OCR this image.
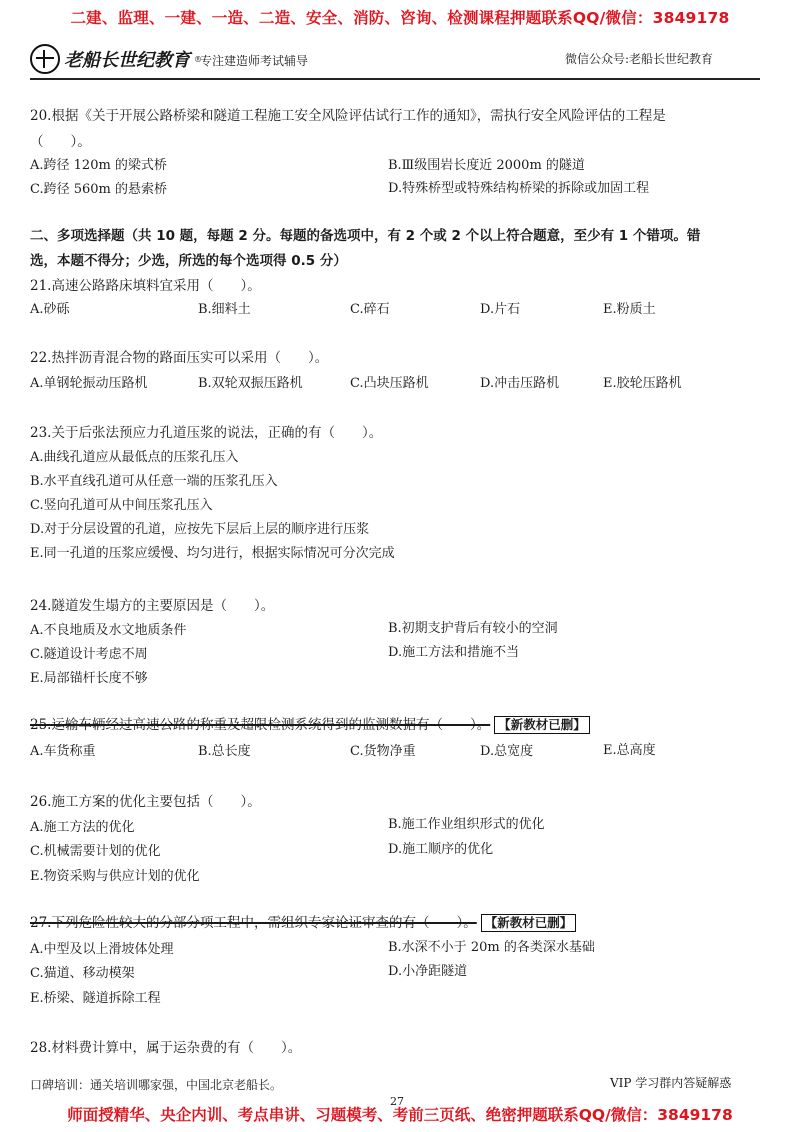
二建、监理、一建、一造、二造、安全、消防、咨询、检测课程押题联系QQ/微信：3849178
老船长世纪教育 ®
专注建造师考试辅导	微信公众号:老船长世纪教育
20.根据《关于开展公路桥梁和隧道工程施工安全风险评估试行工作的通知》，需执行安全风险评估的工程是
（　　）。
A.跨径 120m 的梁式桥	B.Ⅲ级围岩长度近 2000m 的隧道
C.跨径 560m 的悬索桥	D.特殊桥型或特殊结构桥梁的拆除或加固工程
二、多项选择题（共 10 题，每题 2 分。每题的备选项中，有 2 个或 2 个以上符合题意，至少有 1 个错项。错
选，本题不得分；少选，所选的每个选项得 0.5 分）
21.高速公路路床填料宜采用（　　）。
A.砂砾	B.细料土	C.碎石	D.片石	E.粉质土
22.热拌沥青混合物的路面压实可以采用（　　）。
A.单钢轮振动压路机	B.双轮双振压路机	C.凸块压路机	D.冲击压路机	E.胶轮压路机
23.关于后张法预应力孔道压浆的说法，正确的有（　　）。
A.曲线孔道应从最低点的压浆孔压入
B.水平直线孔道可从任意一端的压浆孔压入
C.竖向孔道可从中间压浆孔压入
D.对于分层设置的孔道，应按先下层后上层的顺序进行压浆
E.同一孔道的压浆应缓慢、均匀进行，根据实际情况可分次完成
24.隧道发生塌方的主要原因是（　　）。
A.不良地质及水文地质条件	B.初期支护背后有较小的空洞
C.隧道设计考虑不周	D.施工方法和措施不当
E.局部锚杆长度不够
25.运输车辆经过高速公路的称重及超限检测系统得到的监测数据有（　　）。 【新教材已删】
A.车货称重	B.总长度	C.货物净重	D.总宽度	E.总高度
26.施工方案的优化主要包括（　　）。
A.施工方法的优化	B.施工作业组织形式的优化
C.机械需要计划的优化	D.施工顺序的优化
E.物资采购与供应计划的优化
27.下列危险性较大的分部分项工程中，需组织专家论证审查的有（　　）。 【新教材已删】
A.中型及以上滑坡体处理	B.水深不小于 20m 的各类深水基础
C.猫道、移动模架	D.小净距隧道
E.桥梁、隧道拆除工程
28.材料费计算中，属于运杂费的有（　　）。
口碑培训：通关培训哪家强，中国北京老船长。	VIP 学习群内答疑解惑
27
师面授精华、央企内训、考点串讲、习题模考、考前三页纸、绝密押题联系QQ/微信：3849178
